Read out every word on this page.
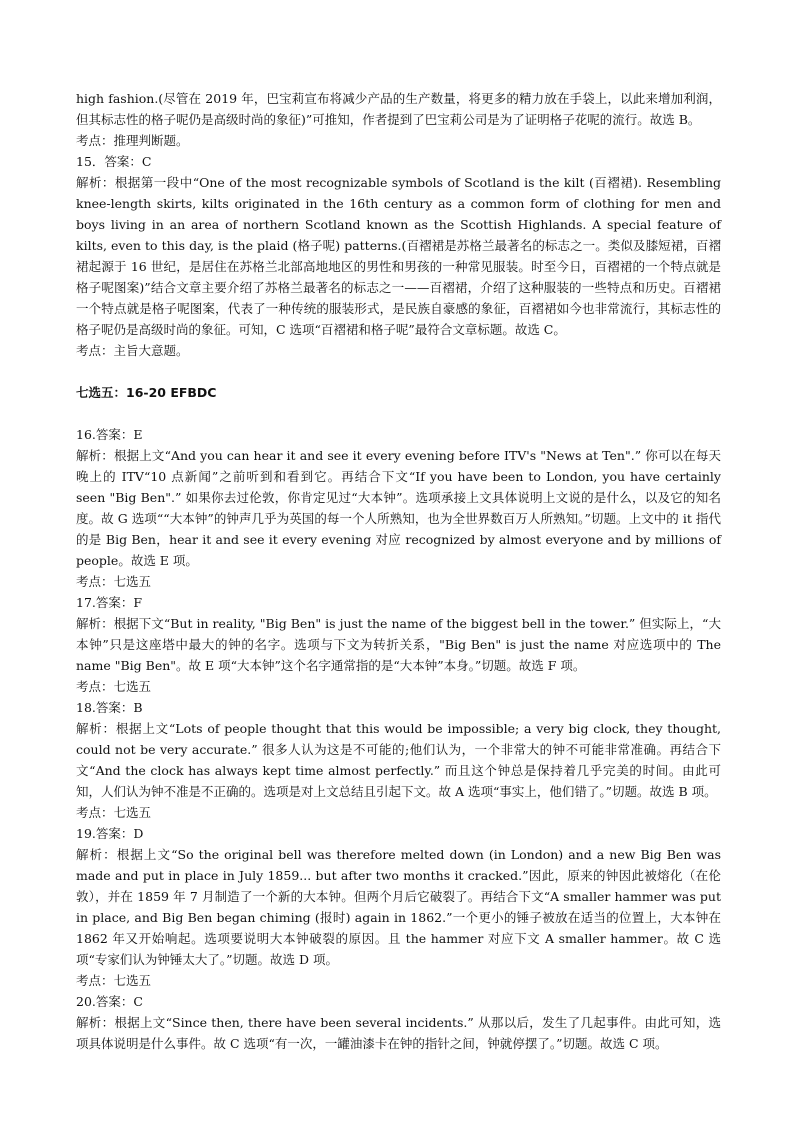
high fashion.(尽管在 2019 年，巴宝莉宣布将减少产品的生产数量，将更多的精力放在手袋上，以此来增加利润，但其标志性的格子呢仍是高级时尚的象征)”可推知，作者提到了巴宝莉公司是为了证明格子花呢的流行。故选 B。

考点：推理判断题。

15．答案：C

解析：根据第一段中“One of the most recognizable symbols of Scotland is the kilt (百褶裙). Resembling knee-length skirts, kilts originated in the 16th century as a common form of clothing for men and boys living in an area of northern Scotland known as the Scottish Highlands. A special feature of kilts, even to this day, is the plaid (格子呢) patterns.(百褶裙是苏格兰最著名的标志之一。类似及膝短裙，百褶裙起源于 16 世纪，是居住在苏格兰北部高地地区的男性和男孩的一种常见服装。时至今日，百褶裙的一个特点就是格子呢图案)”结合文章主要介绍了苏格兰最著名的标志之一——百褶裙，介绍了这种服装的一些特点和历史。百褶裙一个特点就是格子呢图案，代表了一种传统的服装形式，是民族自豪感的象征，百褶裙如今也非常流行，其标志性的格子呢仍是高级时尚的象征。可知，C 选项“百褶裙和格子呢”最符合文章标题。故选 C。

考点：主旨大意题。

七选五：16-20 EFBDC

16.答案：E

解析：根据上文“And you can hear it and see it every evening before ITV's "News at Ten".” 你可以在每天晚上的 ITV“10 点新闻”之前听到和看到它。再结合下文“If you have been to London, you have certainly seen "Big Ben".” 如果你去过伦敦，你肯定见过“大本钟”。选项承接上文具体说明上文说的是什么，以及它的知名度。故 G 选项““大本钟”的钟声几乎为英国的每一个人所熟知，也为全世界数百万人所熟知。”切题。上文中的 it 指代的是 Big Ben，hear it and see it every evening 对应 recognized by almost everyone and by millions of people。故选 E 项。

考点：七选五

17.答案：F

解析：根据下文“But in reality, "Big Ben" is just the name of the biggest bell in the tower.” 但实际上，“大本钟”只是这座塔中最大的钟的名字。选项与下文为转折关系，"Big Ben" is just the name 对应选项中的 The name "Big Ben"。故 E 项“大本钟”这个名字通常指的是“大本钟”本身。”切题。故选 F 项。

考点：七选五

18.答案：B

解析：根据上文“Lots of people thought that this would be impossible; a very big clock, they thought, could not be very accurate.” 很多人认为这是不可能的;他们认为，一个非常大的钟不可能非常准确。再结合下文“And the clock has always kept time almost perfectly.” 而且这个钟总是保持着几乎完美的时间。由此可知，人们认为钟不准是不正确的。选项是对上文总结且引起下文。故 A 选项“事实上，他们错了。”切题。故选 B 项。

考点：七选五

19.答案：D

解析：根据上文“So the original bell was therefore melted down (in London) and a new Big Ben was made and put in place in July 1859... but after two months it cracked.”因此，原来的钟因此被熔化（在伦敦），并在 1859 年 7 月制造了一个新的大本钟。但两个月后它破裂了。再结合下文“A smaller hammer was put in place, and Big Ben began chiming (报时) again in 1862.”一个更小的锤子被放在适当的位置上，大本钟在 1862 年又开始响起。选项要说明大本钟破裂的原因。且 the hammer 对应下文 A smaller hammer。故 C 选项“专家们认为钟锤太大了。”切题。故选 D 项。

考点：七选五

20.答案：C

解析：根据上文“Since then, there have been several incidents.” 从那以后，发生了几起事件。由此可知，选项具体说明是什么事件。故 C 选项“有一次，一罐油漆卡在钟的指针之间，钟就停摆了。”切题。故选 C 项。
